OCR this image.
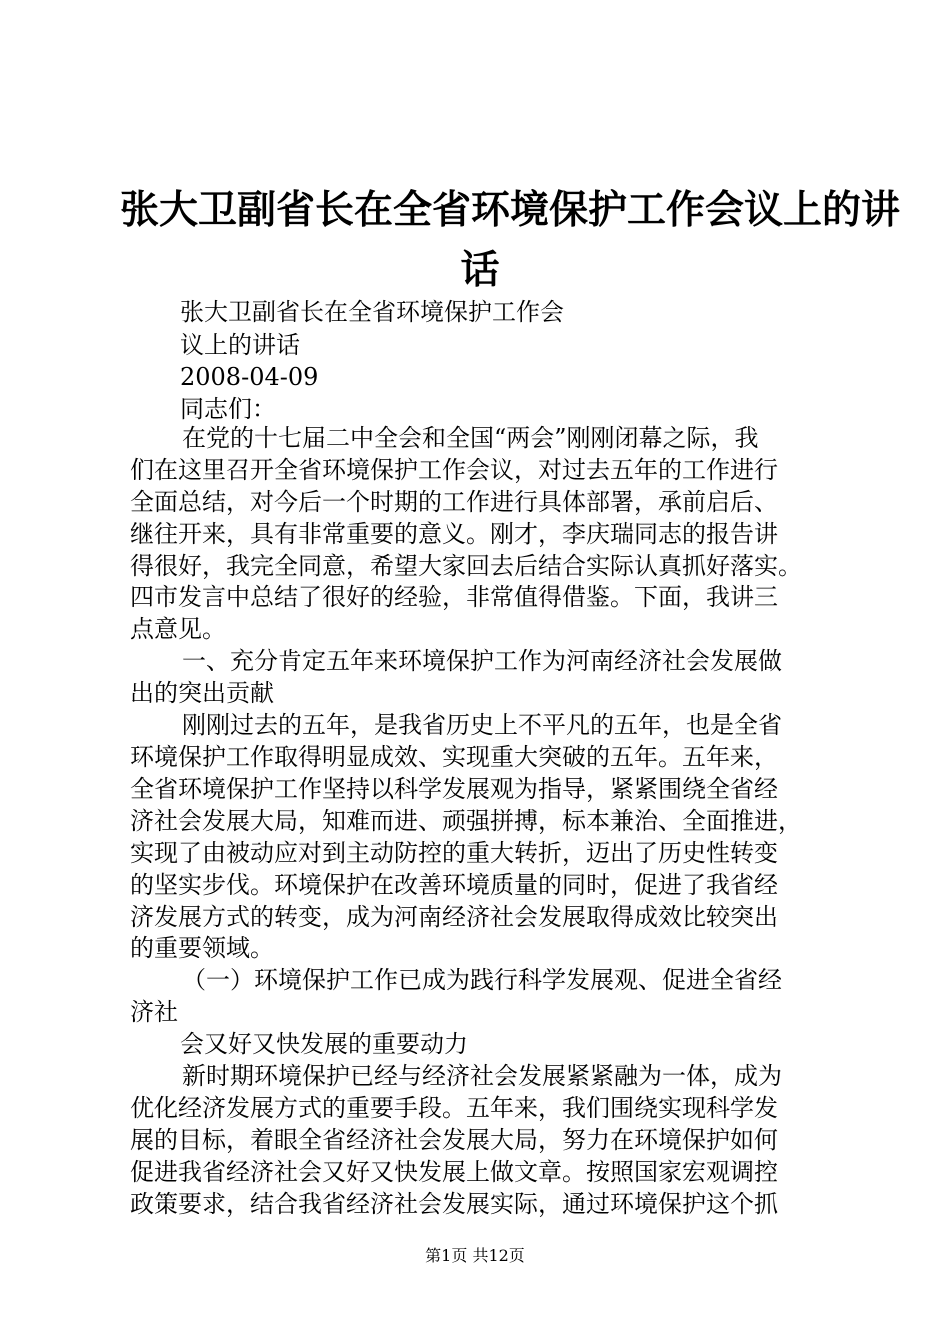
张大卫副省长在全省环境保护工作会议上的讲
话

张大卫副省长在全省环境保护工作会

议上的讲话

2008-04-09

同志们：

在党的十七届二中全会和全国“两会”刚刚闭幕之际，我

们在这里召开全省环境保护工作会议，对过去五年的工作进行

全面总结，对今后一个时期的工作进行具体部署，承前启后、

继往开来，具有非常重要的意义。刚才，李庆瑞同志的报告讲

得很好，我完全同意，希望大家回去后结合实际认真抓好落实。

四市发言中总结了很好的经验，非常值得借鉴。下面，我讲三

点意见。

一、充分肯定五年来环境保护工作为河南经济社会发展做

出的突出贡献

刚刚过去的五年，是我省历史上不平凡的五年，也是全省

环境保护工作取得明显成效、实现重大突破的五年。五年来，

全省环境保护工作坚持以科学发展观为指导，紧紧围绕全省经

济社会发展大局，知难而进、顽强拼搏，标本兼治、全面推进，

实现了由被动应对到主动防控的重大转折，迈出了历史性转变

的坚实步伐。环境保护在改善环境质量的同时，促进了我省经

济发展方式的转变，成为河南经济社会发展取得成效比较突出

的重要领域。

（一）环境保护工作已成为践行科学发展观、促进全省经

济社

会又好又快发展的重要动力

新时期环境保护已经与经济社会发展紧紧融为一体，成为

优化经济发展方式的重要手段。五年来，我们围绕实现科学发

展的目标，着眼全省经济社会发展大局，努力在环境保护如何

促进我省经济社会又好又快发展上做文章。按照国家宏观调控

政策要求，结合我省经济社会发展实际，通过环境保护这个抓

第1页 共12页
